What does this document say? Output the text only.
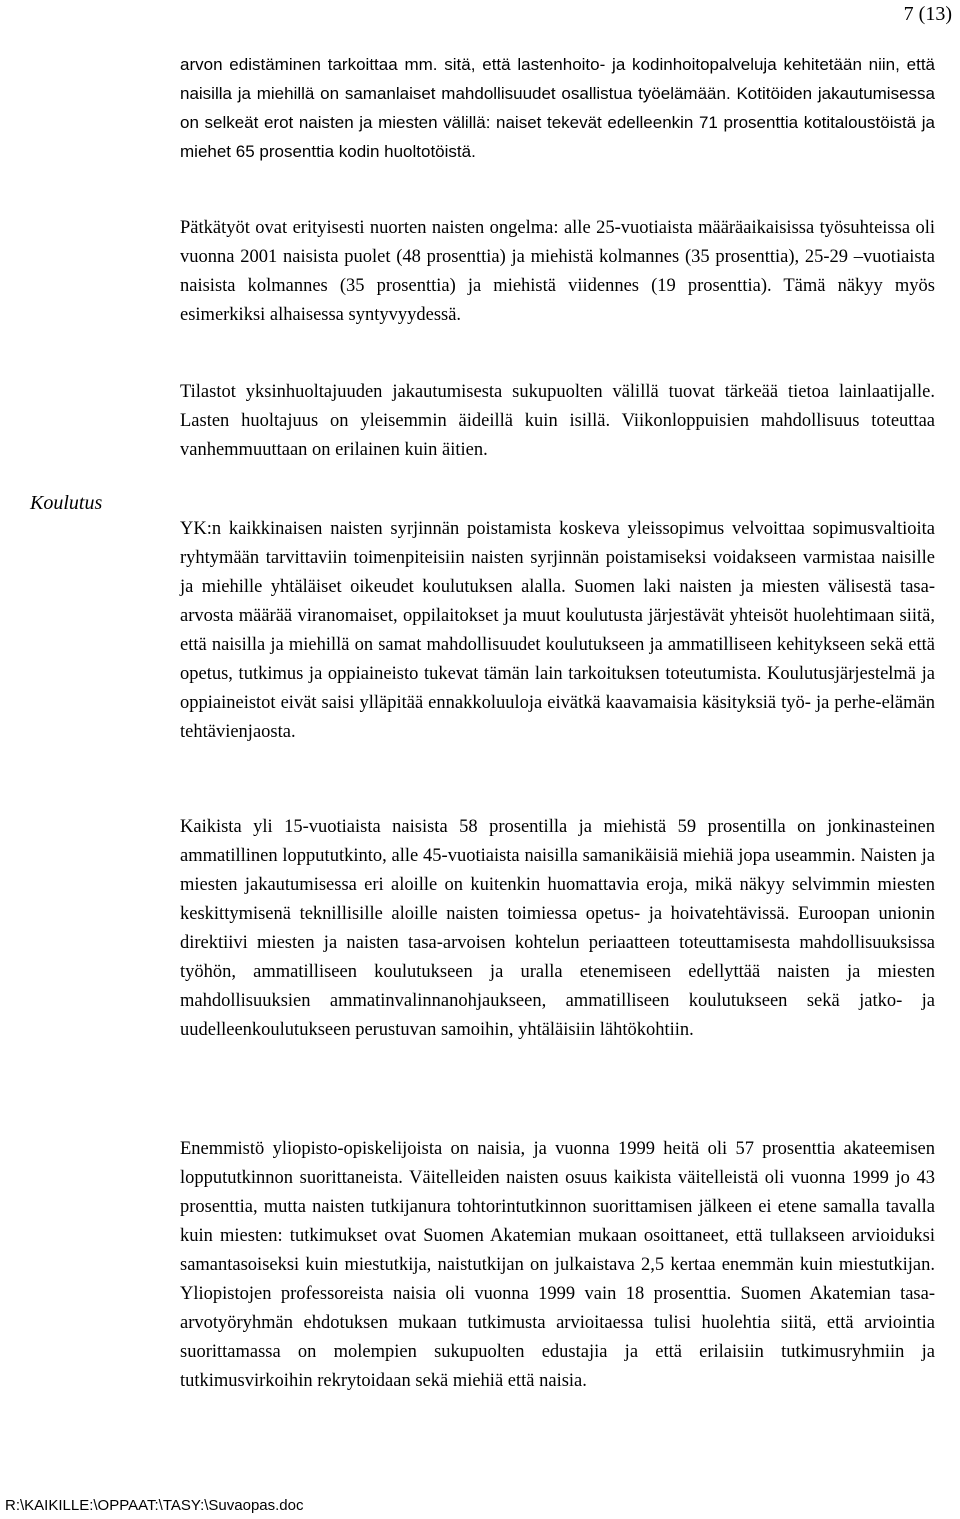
7 (13)
Koulutus

arvon edistäminen tarkoittaa mm. sitä, että lastenhoito- ja kodinhoitopalveluja kehitetään niin, että naisilla ja miehillä on samanlaiset mahdollisuudet osallistua työelämään. Kotitöiden jakautumisessa on selkeät erot naisten ja miesten välillä: naiset tekevät edelleenkin 71 prosenttia kotitaloustöistä ja miehet 65 prosenttia kodin huoltotöistä.

Pätkätyöt ovat erityisesti nuorten naisten ongelma: alle 25-vuotiaista määräaikaisissa työsuhteissa oli vuonna 2001 naisista puolet (48 prosenttia) ja miehistä kolmannes (35 prosenttia), 25-29 –vuotiaista naisista kolmannes (35 prosenttia) ja miehistä viidennes (19 prosenttia). Tämä näkyy myös esimerkiksi alhaisessa syntyvyydessä.

Tilastot yksinhuoltajuuden jakautumisesta sukupuolten välillä tuovat tärkeää tietoa lainlaatijalle. Lasten huoltajuus on yleisemmin äideillä kuin isillä. Viikonloppuisien mahdollisuus toteuttaa vanhemmuuttaan on erilainen kuin äitien.

YK:n kaikkinaisen naisten syrjinnän poistamista koskeva yleissopimus velvoittaa sopimusvaltioita ryhtymään tarvittaviin toimenpiteisiin naisten syrjinnän poistamiseksi voidakseen varmistaa naisille ja miehille yhtäläiset oikeudet koulutuksen alalla. Suomen laki naisten ja miesten välisestä tasa-arvosta määrää viranomaiset, oppilaitokset ja muut koulutusta järjestävät yhteisöt huolehtimaan siitä, että naisilla ja miehillä on samat mahdollisuudet koulutukseen ja ammatilliseen kehitykseen sekä että opetus, tutkimus ja oppiaineisto tukevat tämän lain tarkoituksen toteutumista. Koulutusjärjestelmä ja oppiaineistot eivät saisi ylläpitää ennakkoluuloja eivätkä kaavamaisia käsityksiä työ- ja perhe-elämän tehtävienjaosta.

Kaikista yli 15-vuotiaista naisista 58 prosentilla ja miehistä 59 prosentilla on jonkinasteinen ammatillinen loppututkinto, alle 45-vuotiaista naisilla samanikäisiä miehiä jopa useammin. Naisten ja miesten jakautumisessa eri aloille on kuitenkin huomattavia eroja, mikä näkyy selvimmin miesten keskittymisenä teknillisille aloille naisten toimiessa opetus- ja hoivatehtävissä. Euroopan unionin direktiivi miesten ja naisten tasa-arvoisen kohtelun periaatteen toteuttamisesta mahdollisuuksissa työhön, ammatilliseen koulutukseen ja uralla etenemiseen edellyttää naisten ja miesten mahdollisuuksien ammatinvalinnanohjaukseen, ammatilliseen koulutukseen sekä jatko- ja uudelleenkoulutukseen perustuvan samoihin, yhtäläisiin lähtökohtiin.

Enemmistö yliopisto-opiskelijoista on naisia, ja vuonna 1999 heitä oli 57 prosenttia akateemisen loppututkinnon suorittaneista. Väitelleiden naisten osuus kaikista väitelleistä oli vuonna 1999 jo 43 prosenttia, mutta naisten tutkijanura tohtorintutkinnon suorittamisen jälkeen ei etene samalla tavalla kuin miesten: tutkimukset ovat Suomen Akatemian mukaan osoittaneet, että tullakseen arvioiduksi samantasoiseksi kuin miestutkija, naistutkijan on julkaistava 2,5 kertaa enemmän kuin miestutkijan. Yliopistojen professoreista naisia oli vuonna 1999 vain 18 prosenttia. Suomen Akatemian tasa-arvotyöryhmän ehdotuksen mukaan tutkimusta arvioitaessa tulisi huolehtia siitä, että arviointia suorittamassa on molempien sukupuolten edustajia ja että erilaisiin tutkimusryhmiin ja tutkimusvirkoihin rekrytoidaan sekä miehiä että naisia.

R:\KAIKILLE:\OPPAAT:\TASY:\Suvaopas.doc
